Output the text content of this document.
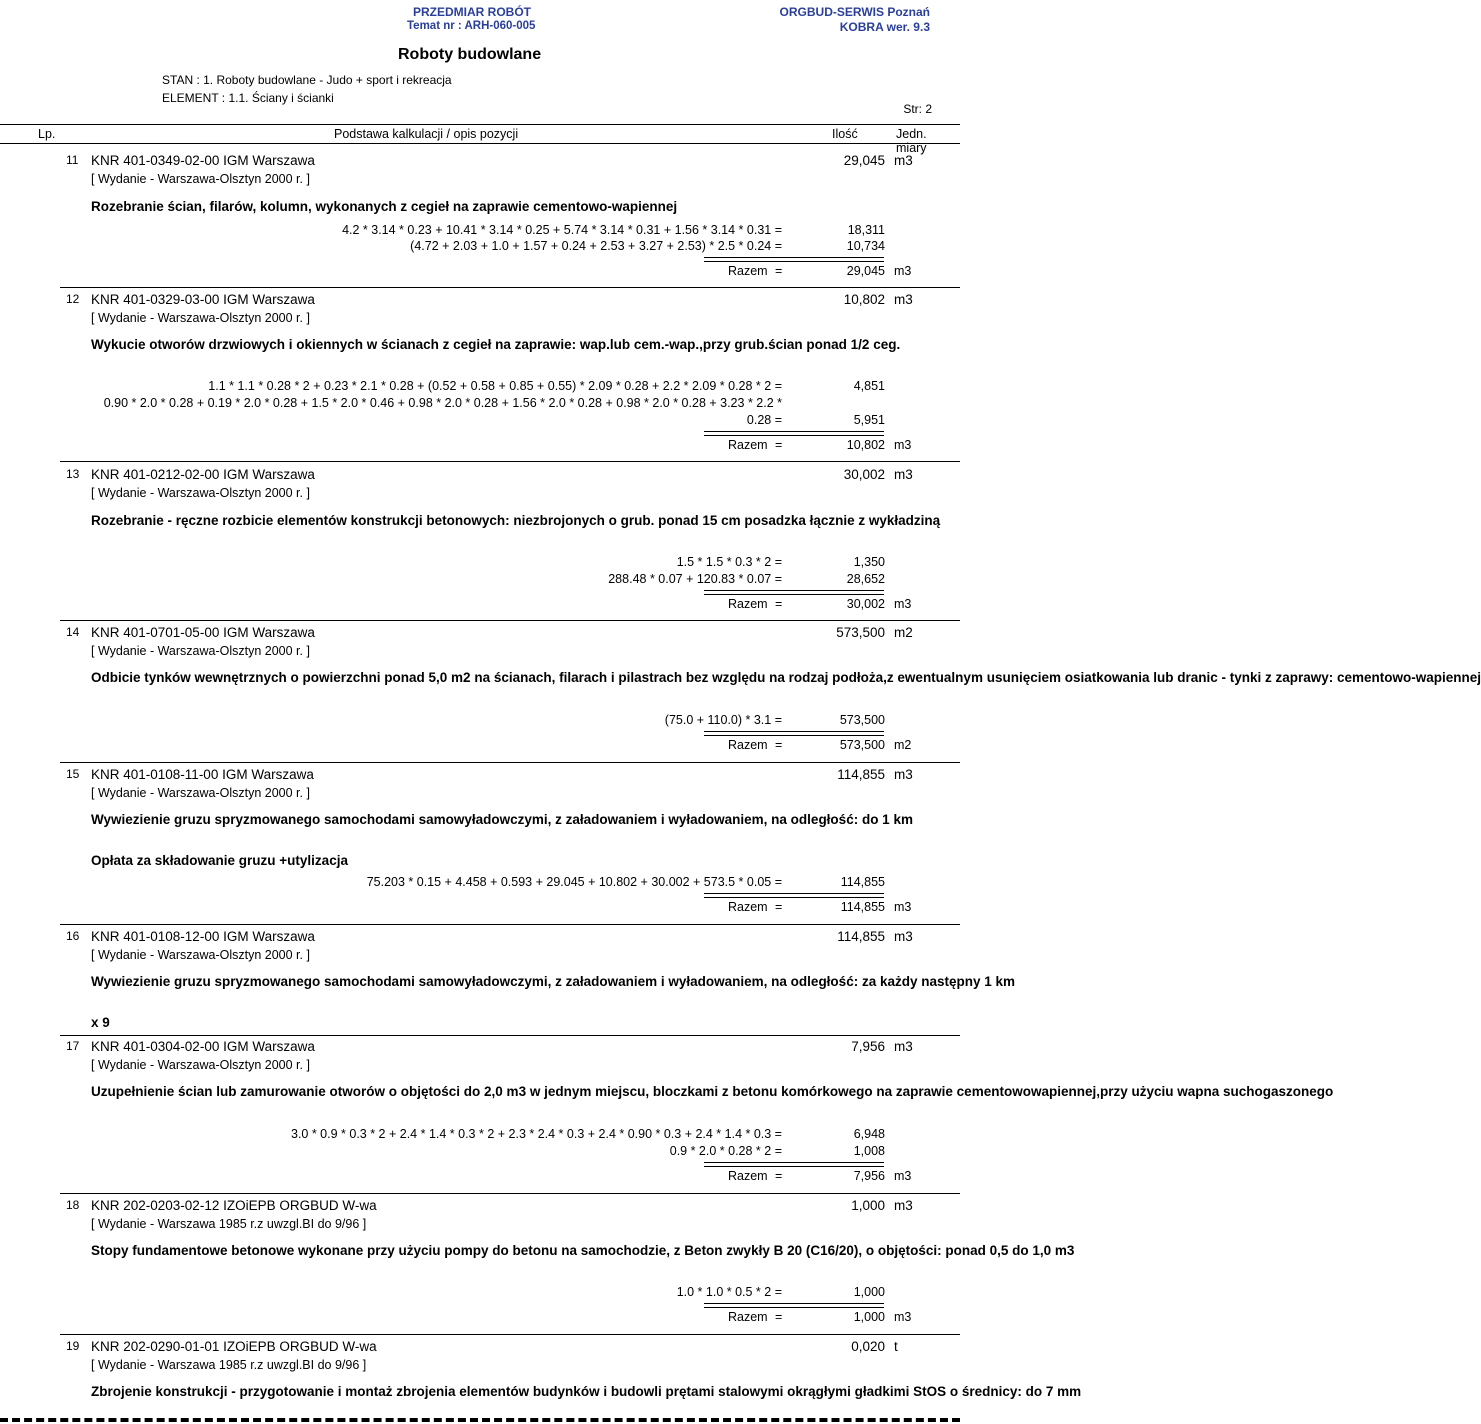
PRZEDMIAR ROBÓT
Temat nr : ARH-060-005
ORGBUD-SERWIS Poznań
KOBRA wer. 9.3
Roboty budowlane
STAN : 1. Roboty budowlane - Judo + sport i rekreacja
ELEMENT : 1.1. Ściany i ścianki
Str: 2
Lp.	Podstawa kalkulacji / opis pozycji	Ilość	Jedn. miary
11 KNR 401-0349-02-00 IGM Warszawa	29,045 m3
[ Wydanie - Warszawa-Olsztyn 2000 r. ]
Rozebranie ścian, filarów, kolumn, wykonanych z cegieł na zaprawie cementowo-wapiennej
4.2 * 3.14 * 0.23 + 10.41 * 3.14 * 0.25 + 5.74 * 3.14 * 0.31 + 1.56 * 3.14 * 0.31 =	18,311
(4.72 + 2.03 + 1.0 + 1.57 + 0.24 + 2.53 + 3.27 + 2.53) * 2.5 * 0.24 =	10,734
Razem =	29,045 m3
12 KNR 401-0329-03-00 IGM Warszawa	10,802 m3
[ Wydanie - Warszawa-Olsztyn 2000 r. ]
Wykucie otworów drzwiowych i okiennych w ścianach z cegieł na zaprawie: wap.lub cem.-wap.,przy grub.ścian ponad 1/2 ceg.
1.1 * 1.1 * 0.28 * 2 + 0.23 * 2.1 * 0.28 + (0.52 + 0.58 + 0.85 + 0.55) * 2.09 * 0.28 + 2.2 * 2.09 * 0.28 * 2 =	4,851
0.90 * 2.0 * 0.28 + 0.19 * 2.0 * 0.28 + 1.5 * 2.0 * 0.46 + 0.98 * 2.0 * 0.28 + 1.56 * 2.0 * 0.28 + 0.98 * 2.0 * 0.28 + 3.23 * 2.2 *
0.28 =	5,951
Razem =	10,802 m3
13 KNR 401-0212-02-00 IGM Warszawa	30,002 m3
[ Wydanie - Warszawa-Olsztyn 2000 r. ]
Rozebranie - ręczne rozbicie elementów konstrukcji betonowych: niezbrojonych o grub. ponad 15 cm posadzka łącznie z wykładziną
1.5 * 1.5 * 0.3 * 2 =	1,350
288.48 * 0.07 + 120.83 * 0.07 =	28,652
Razem =	30,002 m3
14 KNR 401-0701-05-00 IGM Warszawa	573,500 m2
[ Wydanie - Warszawa-Olsztyn 2000 r. ]
Odbicie tynków wewnętrznych o powierzchni ponad 5,0 m2 na ścianach, filarach i pilastrach bez względu na rodzaj podłoża,z ewentualnym usunięciem osiatkowania lub dranic - tynki z zaprawy: cementowo-wapiennej
(75.0 + 110.0) * 3.1 =	573,500
Razem =	573,500 m2
15 KNR 401-0108-11-00 IGM Warszawa	114,855 m3
[ Wydanie - Warszawa-Olsztyn 2000 r. ]
Wywiezienie gruzu spryzmowanego samochodami samowyładowczymi, z załadowaniem i wyładowaniem, na odległość: do 1 km
Opłata za składowanie gruzu +utylizacja
75.203 * 0.15 + 4.458 + 0.593 + 29.045 + 10.802 + 30.002 + 573.5 * 0.05 =	114,855
Razem =	114,855 m3
16 KNR 401-0108-12-00 IGM Warszawa	114,855 m3
[ Wydanie - Warszawa-Olsztyn 2000 r. ]
Wywiezienie gruzu spryzmowanego samochodami samowyładowczymi, z załadowaniem i wyładowaniem, na odległość: za każdy następny 1 km
x 9
17 KNR 401-0304-02-00 IGM Warszawa	7,956 m3
[ Wydanie - Warszawa-Olsztyn 2000 r. ]
Uzupełnienie ścian lub zamurowanie otworów o objętości do 2,0 m3 w jednym miejscu, bloczkami z betonu komórkowego na zaprawie cementowowapiennej,przy użyciu wapna suchogaszonego
3.0 * 0.9 * 0.3 * 2 + 2.4 * 1.4 * 0.3 * 2 + 2.3 * 2.4 * 0.3 + 2.4 * 0.90 * 0.3 + 2.4 * 1.4 * 0.3 =	6,948
0.9 * 2.0 * 0.28 * 2 =	1,008
Razem =	7,956 m3
18 KNR 202-0203-02-12 IZOiEPB ORGBUD W-wa	1,000 m3
[ Wydanie - Warszawa 1985 r.z uwzgl.BI do 9/96 ]
Stopy fundamentowe betonowe wykonane przy użyciu pompy do betonu na samochodzie, z Beton zwykły B 20 (C16/20), o objętości: ponad 0,5 do 1,0 m3
1.0 * 1.0 * 0.5 * 2 =	1,000
Razem =	1,000 m3
19 KNR 202-0290-01-01 IZOiEPB ORGBUD W-wa	0,020 t
[ Wydanie - Warszawa 1985 r.z uwzgl.BI do 9/96 ]
Zbrojenie konstrukcji - przygotowanie i montaż zbrojenia elementów budynków i budowli prętami stalowymi okrągłymi gładkimi StOS o średnicy: do 7 mm
